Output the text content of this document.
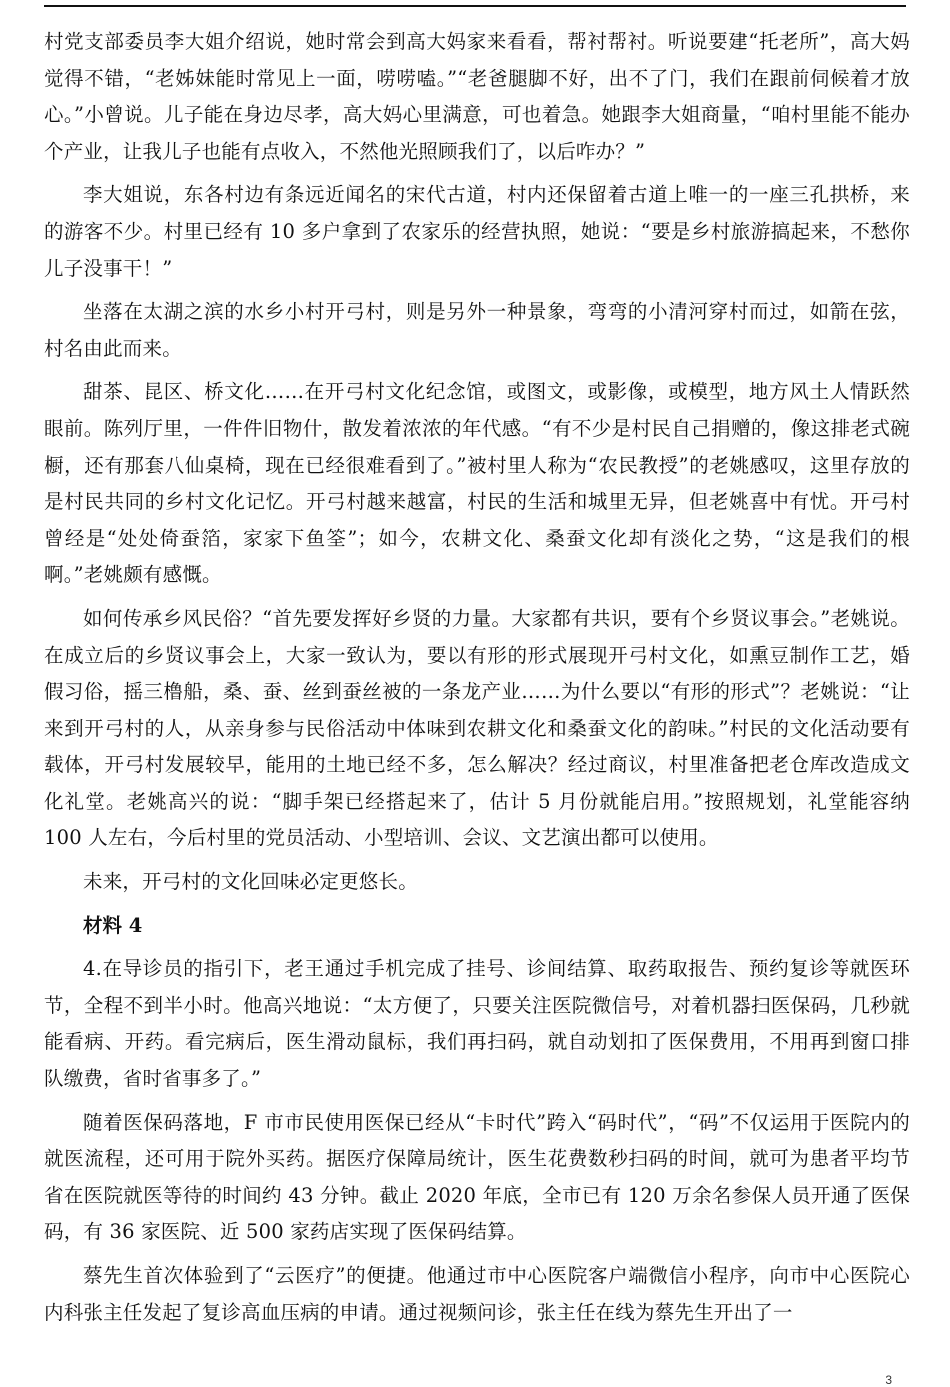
村党支部委员李大姐介绍说，她时常会到高大妈家来看看，帮衬帮衬。听说要建“托老所”，高大妈觉得不错，“老姊妹能时常见上一面，唠唠嗑。”“老爸腿脚不好，出不了门，我们在跟前伺候着才放心。”小曾说。儿子能在身边尽孝，高大妈心里满意，可也着急。她跟李大姐商量，“咱村里能不能办个产业，让我儿子也能有点收入，不然他光照顾我们了，以后咋办？”

李大姐说，东各村边有条远近闻名的宋代古道，村内还保留着古道上唯一的一座三孔拱桥，来的游客不少。村里已经有 10 多户拿到了农家乐的经营执照，她说：“要是乡村旅游搞起来，不愁你儿子没事干！”

坐落在太湖之滨的水乡小村开弓村，则是另外一种景象，弯弯的小清河穿村而过，如箭在弦，村名由此而来。

甜茶、昆区、桥文化……在开弓村文化纪念馆，或图文，或影像，或模型，地方风土人情跃然眼前。陈列厅里，一件件旧物什，散发着浓浓的年代感。“有不少是村民自己捐赠的，像这排老式碗橱，还有那套八仙桌椅，现在已经很难看到了。”被村里人称为“农民教授”的老姚感叹，这里存放的是村民共同的乡村文化记忆。开弓村越来越富，村民的生活和城里无异，但老姚喜中有忧。开弓村曾经是“处处倚蚕箔，家家下鱼筌”；如今，农耕文化、桑蚕文化却有淡化之势，“这是我们的根啊。”老姚颇有感慨。

如何传承乡风民俗？“首先要发挥好乡贤的力量。大家都有共识，要有个乡贤议事会。”老姚说。在成立后的乡贤议事会上，大家一致认为，要以有形的形式展现开弓村文化，如熏豆制作工艺，婚假习俗，摇三橹船，桑、蚕、丝到蚕丝被的一条龙产业……为什么要以“有形的形式”？老姚说：“让来到开弓村的人，从亲身参与民俗活动中体味到农耕文化和桑蚕文化的韵味。”村民的文化活动要有载体，开弓村发展较早，能用的土地已经不多，怎么解决？经过商议，村里准备把老仓库改造成文化礼堂。老姚高兴的说：“脚手架已经搭起来了，估计 5 月份就能启用。”按照规划，礼堂能容纳 100 人左右，今后村里的党员活动、小型培训、会议、文艺演出都可以使用。

未来，开弓村的文化回味必定更悠长。

材料 4

4.在导诊员的指引下，老王通过手机完成了挂号、诊间结算、取药取报告、预约复诊等就医环节，全程不到半小时。他高兴地说：“太方便了，只要关注医院微信号，对着机器扫医保码，几秒就能看病、开药。看完病后，医生滑动鼠标，我们再扫码，就自动划扣了医保费用，不用再到窗口排队缴费，省时省事多了。”

随着医保码落地，F 市市民使用医保已经从“卡时代”跨入“码时代”，“码”不仅运用于医院内的就医流程，还可用于院外买药。据医疗保障局统计，医生花费数秒扫码的时间，就可为患者平均节省在医院就医等待的时间约 43 分钟。截止 2020 年底，全市已有 120 万余名参保人员开通了医保码，有 36 家医院、近 500 家药店实现了医保码结算。

蔡先生首次体验到了“云医疗”的便捷。他通过市中心医院客户端微信小程序，向市中心医院心内科张主任发起了复诊高血压病的申请。通过视频问诊，张主任在线为蔡先生开出了一

3
